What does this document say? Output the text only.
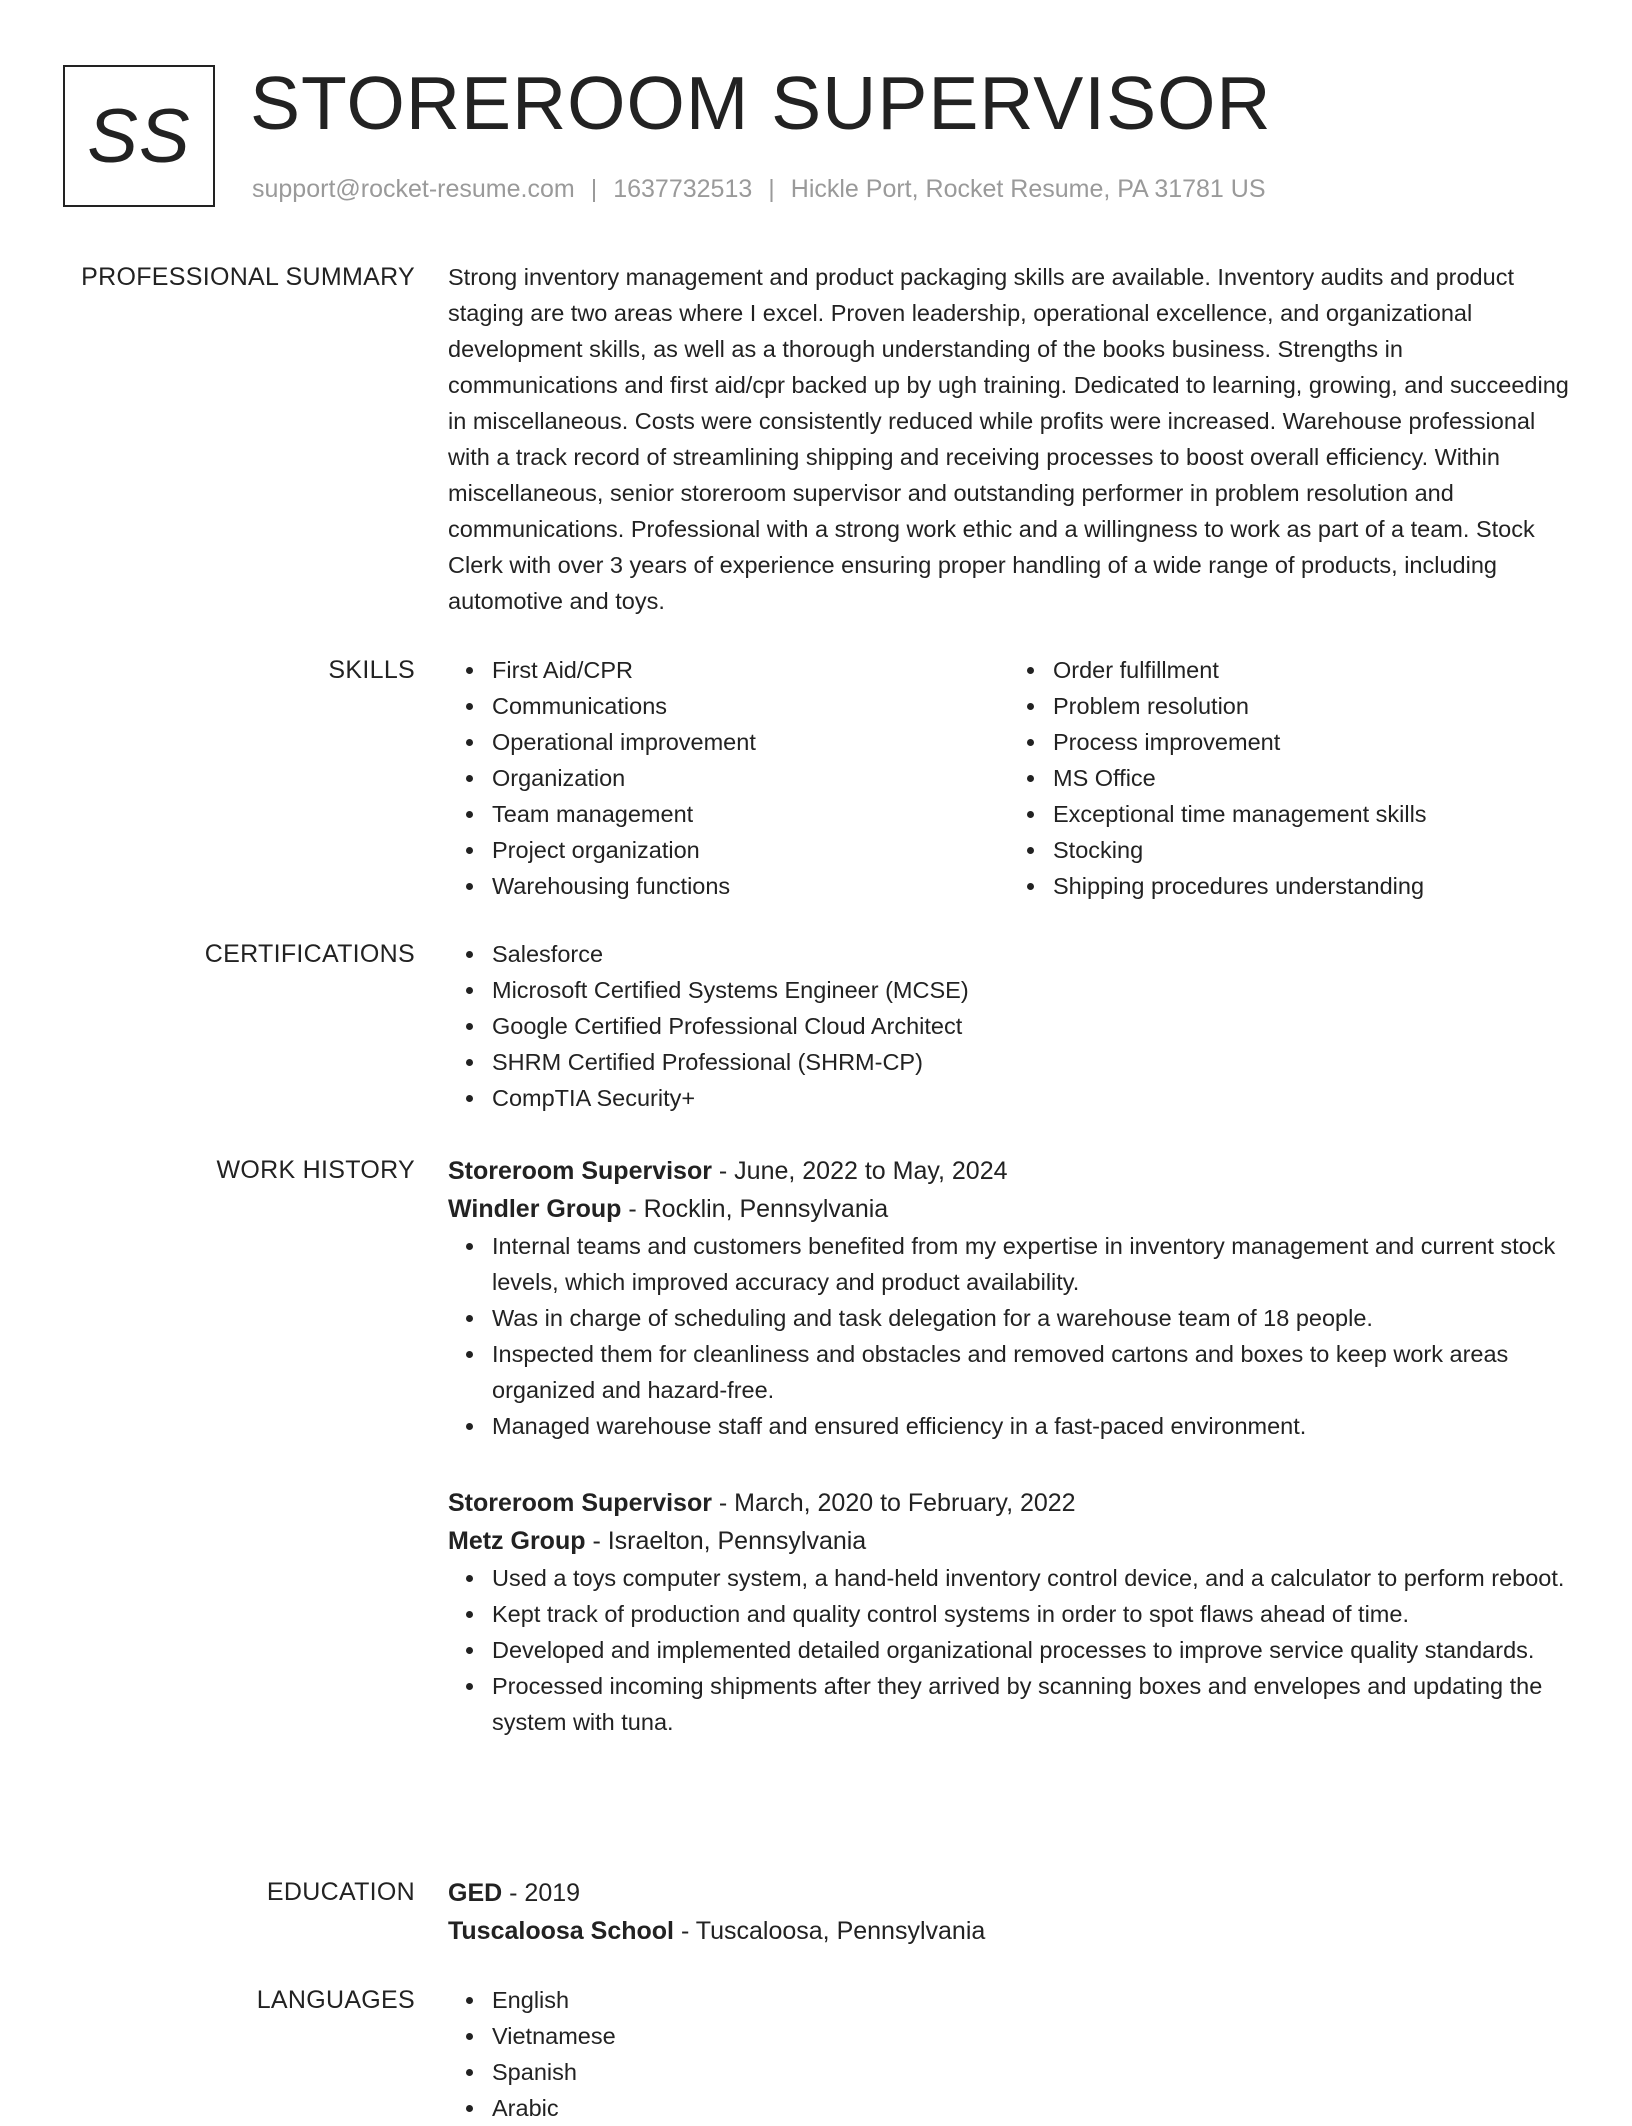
SS STOREROOM SUPERVISOR
support@rocket-resume.com | 1637732513 | Hickle Port, Rocket Resume, PA 31781 US
PROFESSIONAL SUMMARY Strong inventory management and product packaging skills are available. Inventory audits and product staging are two areas where I excel. Proven leadership, operational excellence, and organizational development skills, as well as a thorough understanding of the books business. Strengths in communications and first aid/cpr backed up by ugh training. Dedicated to learning, growing, and succeeding in miscellaneous. Costs were consistently reduced while profits were increased. Warehouse professional with a track record of streamlining shipping and receiving processes to boost overall efficiency. Within miscellaneous, senior storeroom supervisor and outstanding performer in problem resolution and communications. Professional with a strong work ethic and a willingness to work as part of a team. Stock Clerk with over 3 years of experience ensuring proper handling of a wide range of products, including automotive and toys.
SKILLS	First Aid/CPR
Communications
Operational improvement
Organization
Team management
Project organization
Warehousing functions
Order fulfillment
Problem resolution
Process improvement
MS Office
Exceptional time management skills
Stocking
Shipping procedures understanding
CERTIFICATIONS	Salesforce
Microsoft Certified Systems Engineer (MCSE)
Google Certified Professional Cloud Architect
SHRM Certified Professional (SHRM-CP)
CompTIA Security+
WORK HISTORY Storeroom Supervisor - June, 2022 to May, 2024
Windler Group - Rocklin, Pennsylvania
Internal teams and customers benefited from my expertise in inventory management and current stock levels, which improved accuracy and product availability.
Was in charge of scheduling and task delegation for a warehouse team of 18 people.
Inspected them for cleanliness and obstacles and removed cartons and boxes to keep work areas organized and hazard-free.
Managed warehouse staff and ensured efficiency in a fast-paced environment.
Storeroom Supervisor - March, 2020 to February, 2022
Metz Group - Israelton, Pennsylvania
Used a toys computer system, a hand-held inventory control device, and a calculator to perform reboot.
Kept track of production and quality control systems in order to spot flaws ahead of time.
Developed and implemented detailed organizational processes to improve service quality standards.
Processed incoming shipments after they arrived by scanning boxes and envelopes and updating the system with tuna.
EDUCATION GED - 2019
Tuscaloosa School - Tuscaloosa, Pennsylvania
LANGUAGES	English
Vietnamese
Spanish
Arabic
